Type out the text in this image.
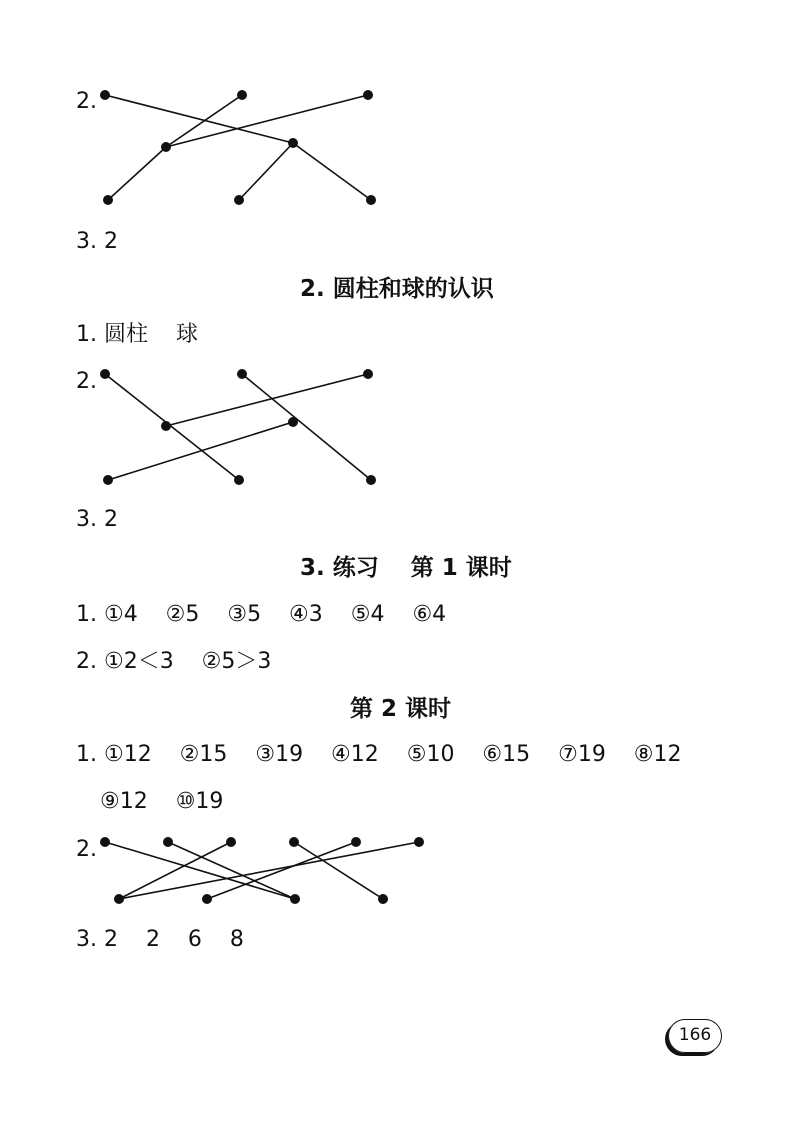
2.
3. 2
2. 圆柱和球的认识
1. 圆柱    球
2.
3. 2
3. 练习    第 1 课时
1. ①4    ②5    ③5    ④3    ⑤4    ⑥4
2. ①2＜3    ②5＞3
第 2 课时
1. ①12    ②15    ③19    ④12    ⑤10    ⑥15    ⑦19    ⑧12
⑨12    ⑩19
2.
3. 2    2    6    8
166
